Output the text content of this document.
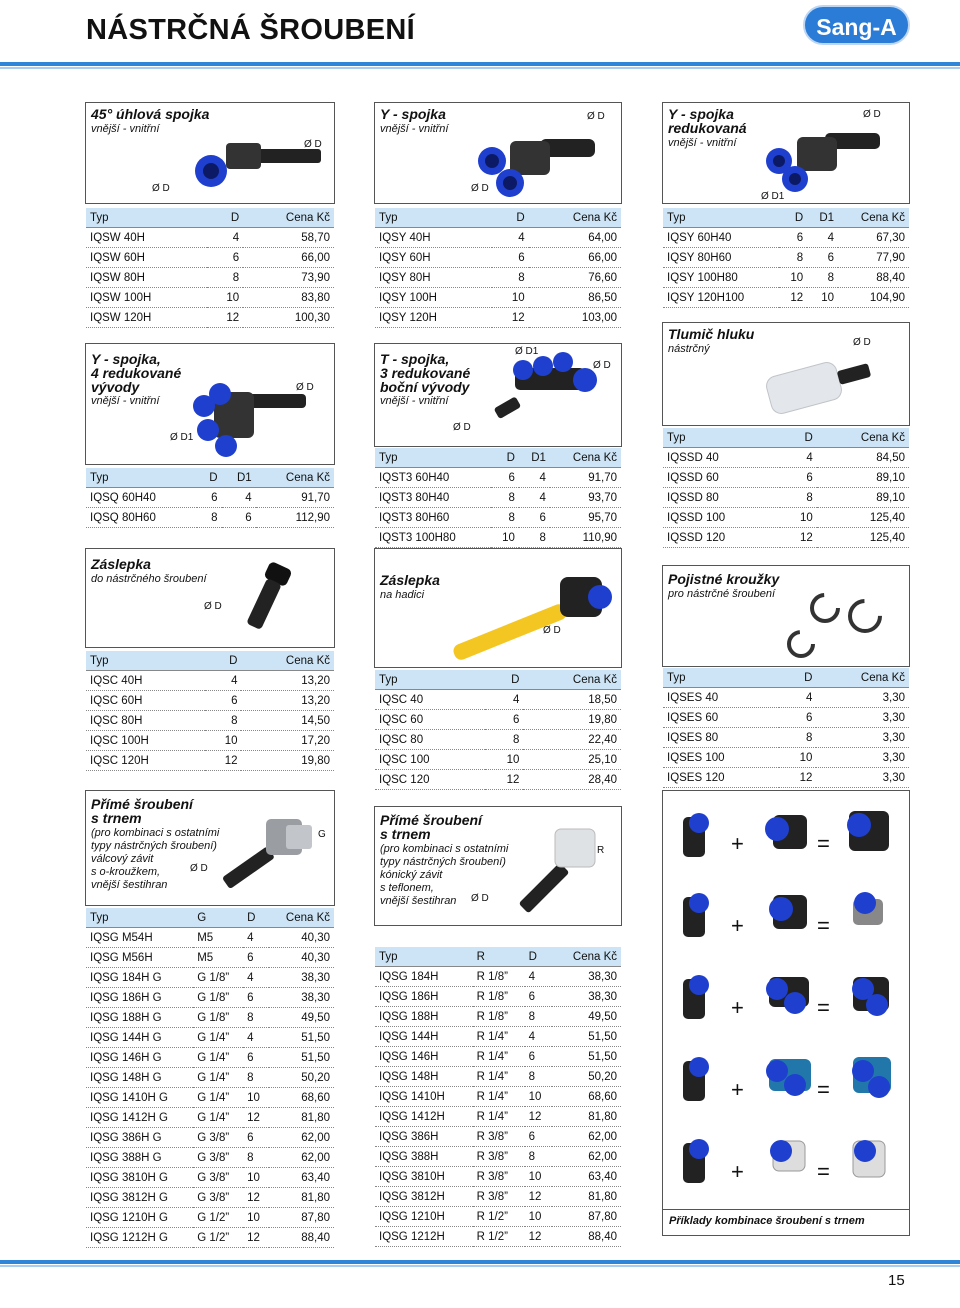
NÁSTRČNÁ ŠROUBENÍ	Sang-A
45° úhlová spojka
vnější - vnitřní
Ø D
Ø D
Typ	D	Cena Kč
IQSW 40H	4	58,70
IQSW 60H	6	66,00
IQSW 80H	8	73,90
IQSW 100H	10	83,80
IQSW 120H	12	100,30
Y - spojka
vnější - vnitřní
Ø D
Ø D
Typ	D	Cena Kč
IQSY 40H	4	64,00
IQSY 60H	6	66,00
IQSY 80H	8	76,60
IQSY 100H	10	86,50
IQSY 120H	12	103,00
Y - spojka
redukovaná
vnější - vnitřní
Ø D
Ø D1
Typ	D	D1	Cena Kč
IQSY 60H40	6	4	67,30
IQSY 80H60	8	6	77,90
IQSY 100H80	10	8	88,40
IQSY 120H100	12	10	104,90
Y - spojka,
4 redukované
vývody
vnější - vnitřní
Ø D
Ø D1
Typ	D	D1	Cena Kč
IQSQ 60H40	6	4	91,70
IQSQ 80H60	8	6	112,90
T - spojka,
3 redukované
boční vývody
vnější - vnitřní
Ø D1
Ø D
Ø D
Typ	D	D1	Cena Kč
IQST3 60H40	6	4	91,70
IQST3 80H40	8	4	93,70
IQST3 80H60	8	6	95,70
IQST3 100H80	10	8	110,90
Tlumič hluku
nástrčný
Ø D
Typ	D	Cena Kč
IQSSD 40	4	84,50
IQSSD 60	6	89,10
IQSSD 80	8	89,10
IQSSD 100	10	125,40
IQSSD 120	12	125,40
Záslepka
do nástrčného šroubení
Ø D
Typ	D	Cena Kč
IQSC 40H	4	13,20
IQSC 60H	6	13,20
IQSC 80H	8	14,50
IQSC 100H	10	17,20
IQSC 120H	12	19,80
Záslepka
na hadici
Ø D
Typ	D	Cena Kč
IQSC 40	4	18,50
IQSC 60	6	19,80
IQSC 80	8	22,40
IQSC 100	10	25,10
IQSC 120	12	28,40
Pojistné kroužky
pro nástrčné šroubení
Typ	D	Cena Kč
IQSES 40	4	3,30
IQSES 60	6	3,30
IQSES 80	8	3,30
IQSES 100	10	3,30
IQSES 120	12	3,30
Přímé šroubení
s trnem
(pro kombinaci s ostatními
typy nástrčných šroubení)
válcový závit
s o-kroužkem,
vnější šestihran
G
Ø D
Typ	G	D	Cena Kč
IQSG M54H	M5	4	40,30
IQSG M56H	M5	6	40,30
IQSG 184H G	G 1/8”	4	38,30
IQSG 186H G	G 1/8”	6	38,30
IQSG 188H G	G 1/8”	8	49,50
IQSG 144H G	G 1/4”	4	51,50
IQSG 146H G	G 1/4”	6	51,50
IQSG 148H G	G 1/4”	8	50,20
IQSG 1410H G	G 1/4”	10	68,60
IQSG 1412H G	G 1/4”	12	81,80
IQSG 386H G	G 3/8”	6	62,00
IQSG 388H G	G 3/8”	8	62,00
IQSG 3810H G	G 3/8”	10	63,40
IQSG 3812H G	G 3/8”	12	81,80
IQSG 1210H G	G 1/2”	10	87,80
IQSG 1212H G	G 1/2”	12	88,40
Přímé šroubení
s trnem
(pro kombinaci s ostatními
typy nástrčných šroubení)
kónický závit
s teflonem,
vnější šestihran
R
Ø D
Typ	R	D	Cena Kč
IQSG 184H	R 1/8”	4	38,30
IQSG 186H	R 1/8”	6	38,30
IQSG 188H	R 1/8”	8	49,50
IQSG 144H	R 1/4”	4	51,50
IQSG 146H	R 1/4”	6	51,50
IQSG 148H	R 1/4”	8	50,20
IQSG 1410H	R 1/4”	10	68,60
IQSG 1412H	R 1/4”	12	81,80
IQSG 386H	R 3/8”	6	62,00
IQSG 388H	R 3/8”	8	62,00
IQSG 3810H	R 3/8”	10	63,40
IQSG 3812H	R 3/8”	12	81,80
IQSG 1210H	R 1/2”	10	87,80
IQSG 1212H	R 1/2”	12	88,40
+	=
+	=
+	=
+	=
+	=
Příklady kombinace šroubení s trnem
15
